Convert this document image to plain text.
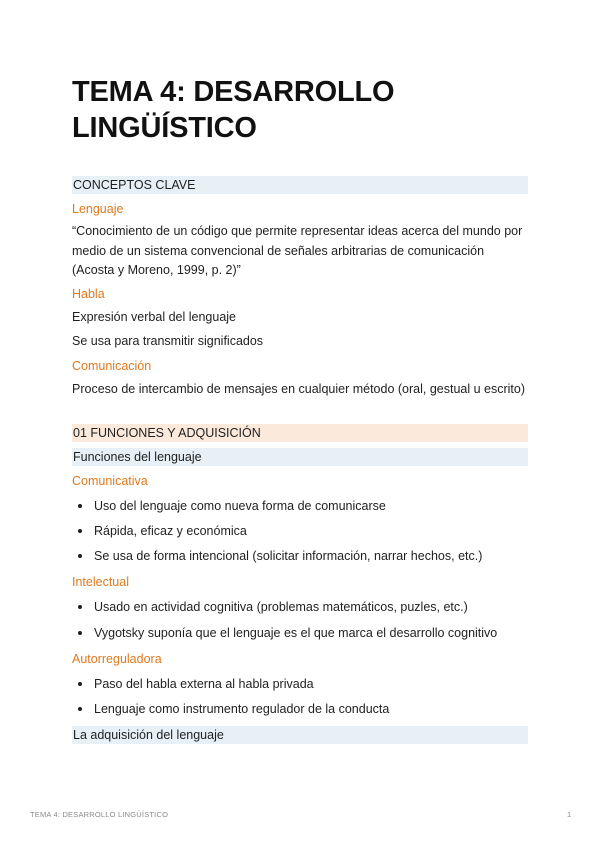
TEMA 4: DESARROLLO LINGÜÍSTICO
CONCEPTOS CLAVE
Lenguaje
“Conocimiento de un código que permite representar ideas acerca del mundo por medio de un sistema convencional de señales arbitrarias de comunicación (Acosta y Moreno, 1999, p. 2)”
Habla
Expresión verbal del lenguaje
Se usa para transmitir significados
Comunicación
Proceso de intercambio de mensajes en cualquier método (oral, gestual u escrito)
01 FUNCIONES Y ADQUISICIÓN
Funciones del lenguaje
Comunicativa
Uso del lenguaje como nueva forma de comunicarse
Rápida, eficaz y económica
Se usa de forma intencional (solicitar información, narrar hechos, etc.)
Intelectual
Usado en actividad cognitiva (problemas matemáticos, puzles, etc.)
Vygotsky suponía que el lenguaje es el que marca el desarrollo cognitivo
Autorreguladora
Paso del habla externa al habla privada
Lenguaje como instrumento regulador de la conducta
La adquisición del lenguaje
TEMA 4: DESARROLLO LINGÜÍSTICO	1
